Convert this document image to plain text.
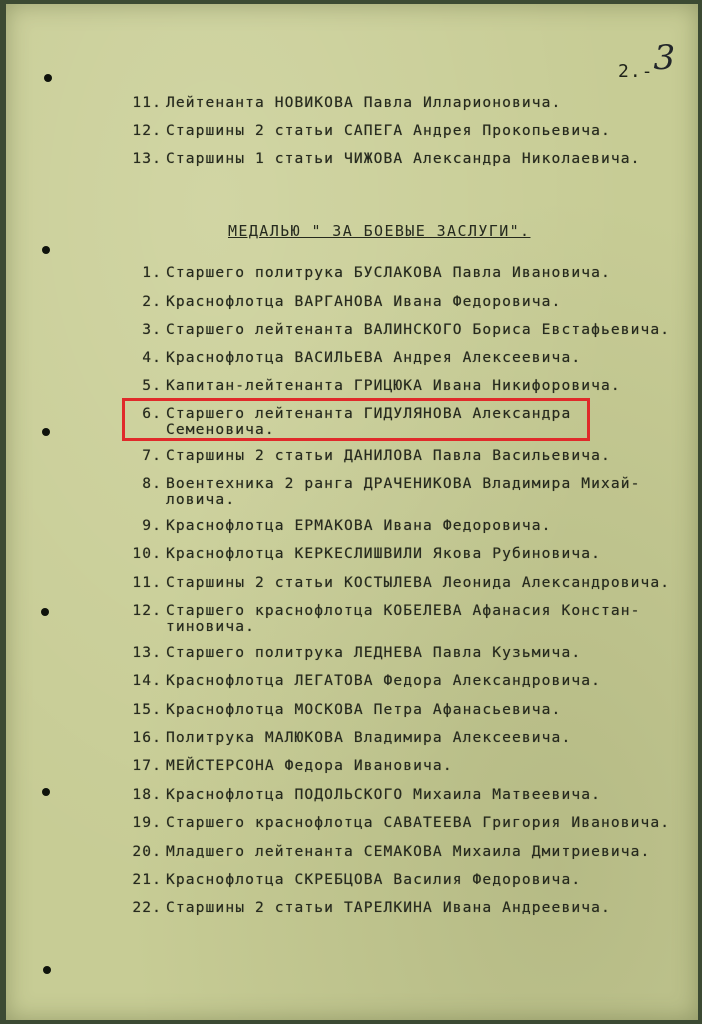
2.-3
11. Лейтенанта НОВИКОВА Павла Илларионовича.
12. Старшины 2 статьи САПЕГА Андрея Прокопьевича.
13. Старшины 1 статьи ЧИЖОВА Александра Николаевича.
МЕДАЛЬЮ " ЗА БОЕВЫЕ ЗАСЛУГИ".
1. Старшего политрука БУСЛАКОВА Павла Ивановича.
2. Краснофлотца ВАРГАНОВА Ивана Федоровича.
3. Старшего лейтенанта ВАЛИНСКОГО Бориса Евстафьевича.
4. Краснофлотца ВАСИЛЬЕВА Андрея Алексеевича.
5. Капитан-лейтенанта ГРИЦЮКА Ивана Никифоровича.
6. Старшего лейтенанта ГИДУЛЯНОВА Александра
Семеновича.
7. Старшины 2 статьи ДАНИЛОВА Павла Васильевича.
8. Воентехника 2 ранга ДРАЧЕНИКОВА Владимира Михай-
ловича.
9. Краснофлотца ЕРМАКОВА Ивана Федоровича.
10. Краснофлотца КЕРКЕСЛИШВИЛИ Якова Рубиновича.
11. Старшины 2 статьи КОСТЫЛЕВА Леонида Александровича.
12. Старшего краснофлотца КОБЕЛЕВА Афанасия Констан-
тиновича.
13. Старшего политрука ЛЕДНЕВА Павла Кузьмича.
14. Краснофлотца ЛЕГАТОВА Федора Александровича.
15. Краснофлотца МОСКОВА Петра Афанасьевича.
16. Политрука МАЛЮКОВА Владимира Алексеевича.
17. МЕЙСТЕРСОНА Федора Ивановича.
18. Краснофлотца ПОДОЛЬСКОГО Михаила Матвеевича.
19. Старшего краснофлотца САВАТЕЕВА Григория Ивановича.
20. Младшего лейтенанта СЕМАКОВА Михаила Дмитриевича.
21. Краснофлотца СКРЕБЦОВА Василия Федоровича.
22. Старшины 2 статьи ТАРЕЛКИНА Ивана Андреевича.
